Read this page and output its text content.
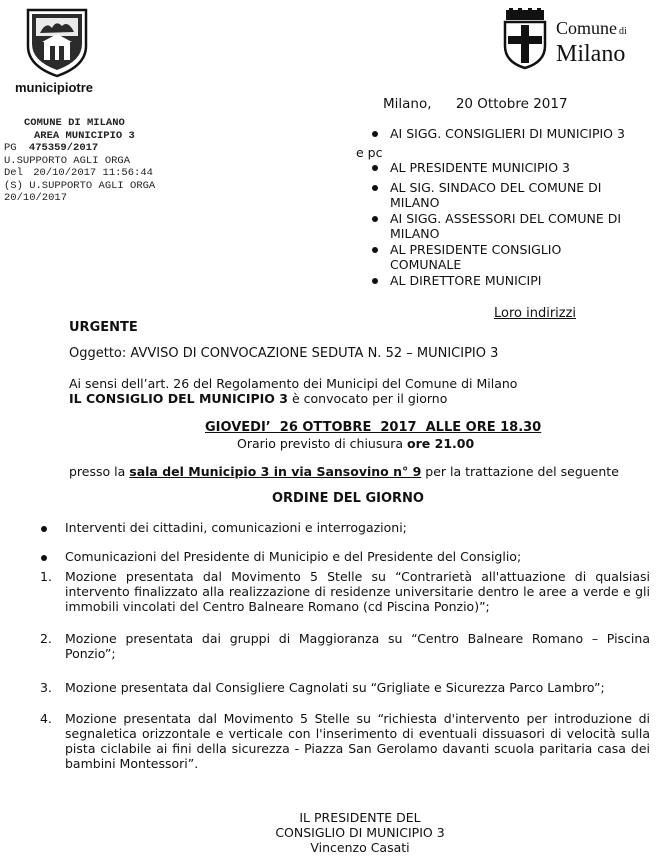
municipiotre
Comune di
Milano
Milano, 20 Ottobre 2017
COMUNE DI MILANO
AREA MUNICIPIO 3
PG 475359/2017
U.SUPPORTO AGLI ORGA
Del 20/10/2017 11:56:44
(S) U.SUPPORTO AGLI ORGA
20/10/2017
AI SIGG. CONSIGLIERI DI MUNICIPIO 3
e pc
AL PRESIDENTE MUNICIPIO 3
AL SIG. SINDACO DEL COMUNE DI MILANO
AI SIGG. ASSESSORI DEL COMUNE DI MILANO
AL PRESIDENTE CONSIGLIO COMUNALE
AL DIRETTORE MUNICIPI
Loro indirizzi
URGENTE
Oggetto: AVVISO DI CONVOCAZIONE SEDUTA N. 52 – MUNICIPIO 3
Ai sensi dell’art. 26 del Regolamento dei Municipi del Comune di Milano
IL CONSIGLIO DEL MUNICIPIO 3 è convocato per il giorno
GIOVEDI’  26 OTTOBRE  2017  ALLE ORE 18.30
Orario previsto di chiusura ore 21.00
presso la sala del Municipio 3 in via Sansovino n° 9 per la trattazione del seguente
ORDINE DEL GIORNO
Interventi dei cittadini, comunicazioni e interrogazioni;
Comunicazioni del Presidente di Municipio e del Presidente del Consiglio;
1. Mozione presentata dal Movimento 5 Stelle su “Contrarietà all'attuazione di qualsiasi intervento finalizzato alla realizzazione di residenze universitarie dentro le aree a verde e gli immobili vincolati del Centro Balneare Romano (cd Piscina Ponzio)”;
2. Mozione presentata dai gruppi di Maggioranza su “Centro Balneare Romano – Piscina Ponzio”;
3. Mozione presentata dal Consigliere Cagnolati su “Grigliate e Sicurezza Parco Lambro”;
4. Mozione presentata dal Movimento 5 Stelle su “richiesta d'intervento per introduzione di segnaletica orizzontale e verticale con l'inserimento di eventuali dissuasori di velocità sulla pista ciclabile ai fini della sicurezza - Piazza San Gerolamo davanti scuola paritaria casa dei bambini Montessori”.
IL PRESIDENTE DEL
CONSIGLIO DI MUNICIPIO 3
Vincenzo Casati
